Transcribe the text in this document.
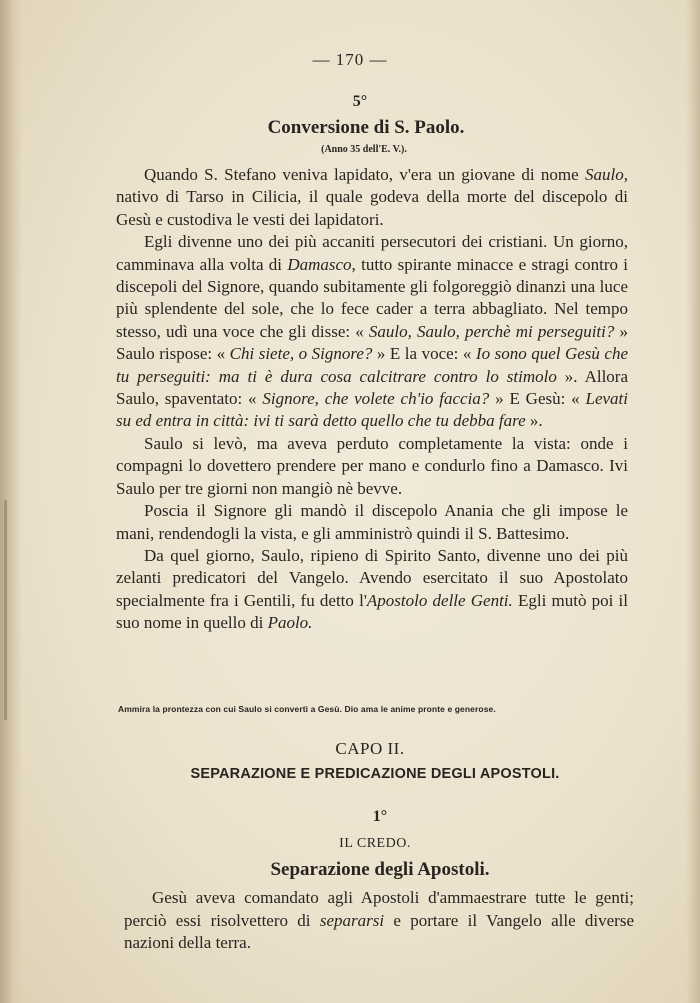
— 170 —
5°
Conversione di S. Paolo.
(Anno 35 dell'E. V.).

Quando S. Stefano veniva lapidato, v'era un giovane di nome Saulo, nativo di Tarso in Cilicia, il quale godeva della morte del discepolo di Gesù e custodiva le vesti dei lapidatori.

Egli divenne uno dei più accaniti persecutori dei cristiani. Un giorno, camminava alla volta di Damasco, tutto spirante minacce e stragi contro i discepoli del Signore, quando subitamente gli folgoreggiò dinanzi una luce più splendente del sole, che lo fece cader a terra abbagliato. Nel tempo stesso, udì una voce che gli disse: « Saulo, Saulo, perchè mi perseguiti? » Saulo rispose: « Chi siete, o Signore? » E la voce: « Io sono quel Gesù che tu perseguiti: ma ti è dura cosa calcitrare contro lo stimolo ». Allora Saulo, spaventato: « Signore, che volete ch'io faccia? » E Gesù: « Levati su ed entra in città: ivi ti sarà detto quello che tu debba fare ».

Saulo si levò, ma aveva perduto completamente la vista: onde i compagni lo dovettero prendere per mano e condurlo fino a Damasco. Ivi Saulo per tre giorni non mangiò nè bevve.

Poscia il Signore gli mandò il discepolo Anania che gli impose le mani, rendendogli la vista, e gli amministrò quindi il S. Battesimo.

Da quel giorno, Saulo, ripieno di Spirito Santo, divenne uno dei più zelanti predicatori del Vangelo. Avendo esercitato il suo Apostolato specialmente fra i Gentili, fu detto l'Apostolo delle Genti. Egli mutò poi il suo nome in quello di Paolo.

Ammira la prontezza con cui Saulo si convertì a Gesù. Dio ama le anime pronte e generose.
CAPO II.
SEPARAZIONE E PREDICAZIONE DEGLI APOSTOLI.
1°
IL CREDO.
Separazione degli Apostoli.

Gesù aveva comandato agli Apostoli d'ammaestrare tutte le genti; perciò essi risolvettero di separarsi e portare il Vangelo alle diverse nazioni della terra.
